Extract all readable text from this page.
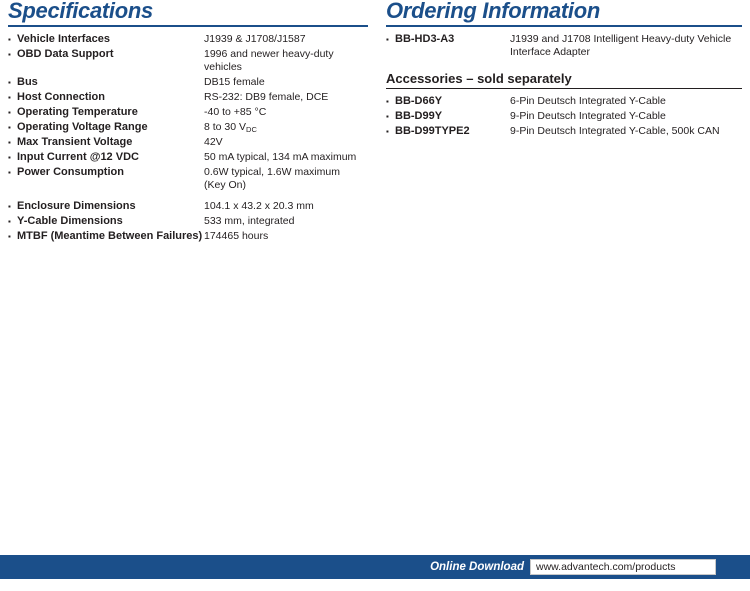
Specifications
▪Vehicle Interfaces	J1939 & J1708/J1587
▪OBD Data Support	1996 and newer heavy-duty vehicles
▪Bus	DB15 female
▪Host Connection	RS-232: DB9 female, DCE
▪Operating Temperature	-40 to +85 °C
▪Operating Voltage Range	8 to 30 VDC
▪Max Transient Voltage	42V
▪Input Current @12 VDC	50 mA typical, 134 mA maximum
▪Power Consumption	0.6W typical, 1.6W maximum
(Key On)

▪Enclosure Dimensions	104.1 x 43.2 x 20.3 mm
▪Y-Cable Dimensions	533 mm, integrated
▪MTBF (Meantime Between Failures)	174465 hours
Ordering Information
▪BB-HD3-A3	J1939 and J1708 Intelligent Heavy-duty Vehicle Interface Adapter
Accessories – sold separately
▪BB-D66Y	6-Pin Deutsch Integrated Y-Cable
▪BB-D99Y	9-Pin Deutsch Integrated Y-Cable
▪BB-D99TYPE2	9-Pin Deutsch Integrated Y-Cable, 500k CAN
Online Download www.advantech.com/products
